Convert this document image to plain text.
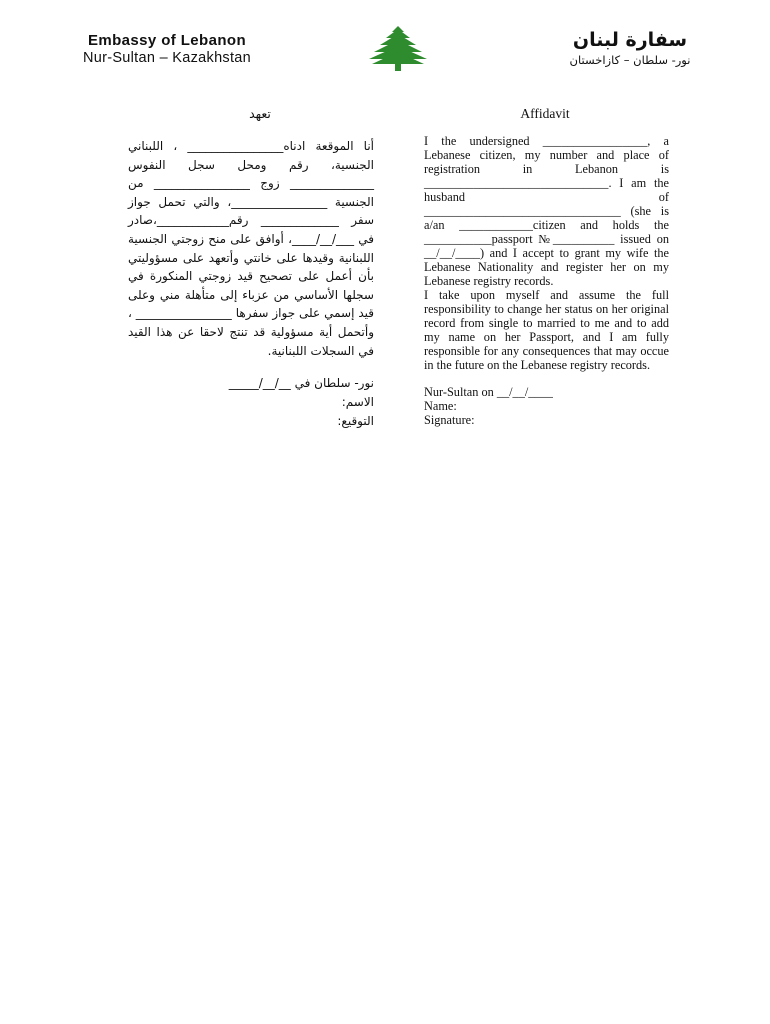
Embassy of Lebanon
Nur-Sultan – Kazakhstan
سفارة لبنان
نور- سلطان – كازاخستان
تعهد	Affidavit

أنا الموقعة ادناه________________ ، اللبناني الجنسية، رقم ومحل سجل النفوس ______________ زوج ________________ من الجنسية ________________، والتي تحمل جواز سفر _____________ رقم____________،صادر في ___/__/____، أوافق على منح زوجتي الجنسية اللبنانية وقيدها على خانتي وأتعهد على مسؤوليتي بأن أعمل على تصحيح قيد زوجتي المنكورة في سجلها الأساسي من عزباء إلى متأهلة مني وعلى قيد إسمي على جواز سفرها ________________ ، وأتحمل أية مسؤولية قد تنتج لاحقا عن هذا القيد في السجلات اللبنانية.

نور- سلطان في __/__/_____
الاسم:
التوقيع:

I the undersigned _________________, a Lebanese citizen, my number and place of registration in Lebanon is ______________________________. I am the husband of ________________________________ (she is a/an ____________citizen and holds the ___________passport №__________ issued on __/__/____) and I accept to grant my wife the Lebanese Nationality and register her on my Lebanese registry records.

I take upon myself and assume the full responsibility to change her status on her original record from single to married to me and to add my name on her Passport, and I am fully responsible for any consequences that may occue in the future on the Lebanese registry records.

Nur-Sultan on __/__/____
Name:
Signature:
